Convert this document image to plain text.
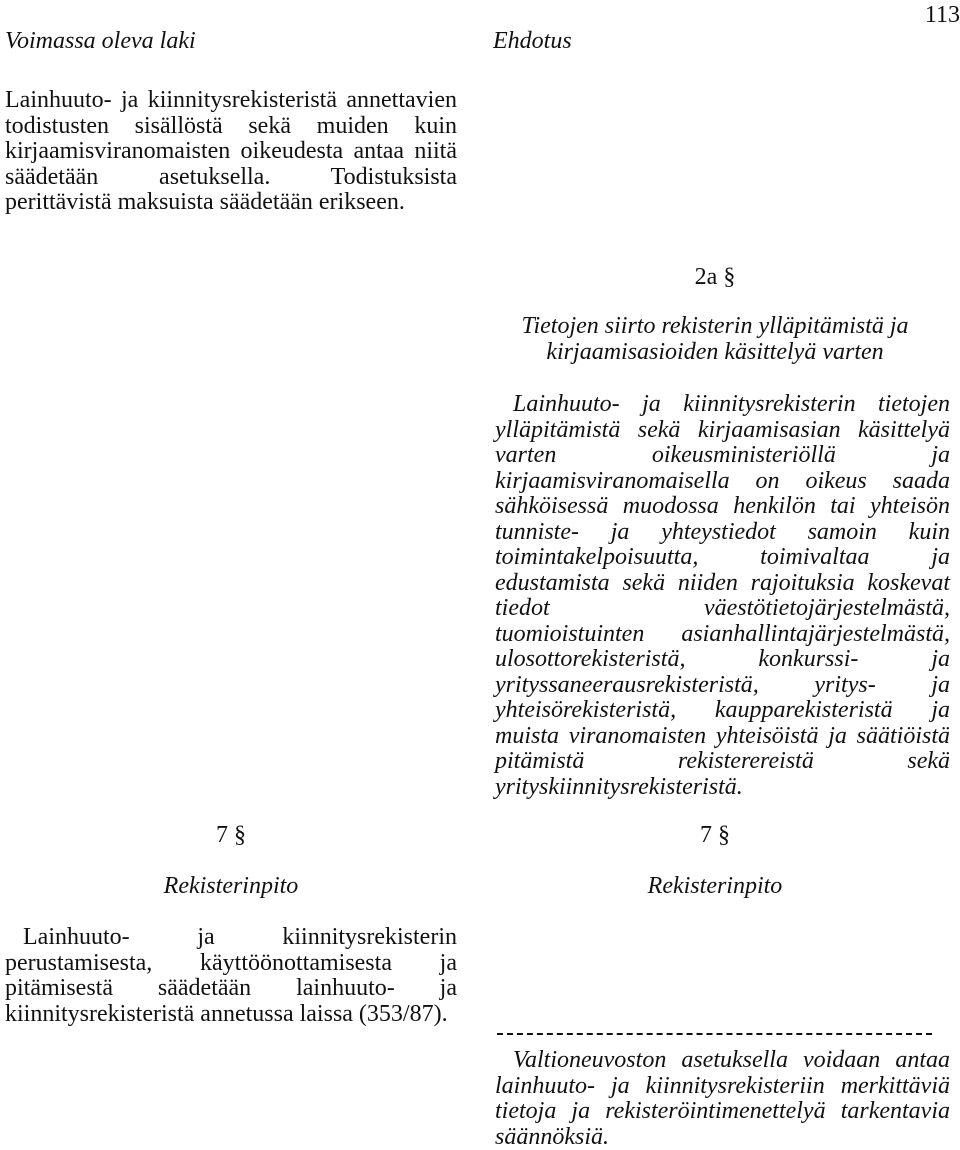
113
Voimassa oleva laki	Ehdotus

Lainhuuto- ja kiinnitysrekisteristä annettavien todistusten sisällöstä sekä muiden kuin kirjaamisviranomaisten oikeudesta antaa niitä säädetään asetuksella. Todistuksista perittävistä maksuista säädetään erikseen.

2a §
Tietojen siirto rekisterin ylläpitämistä ja kirjaamisasioiden käsittelyä varten

Lainhuuto- ja kiinnitysrekisterin tietojen ylläpitämistä sekä kirjaamisasian käsittelyä varten oikeusministeriöllä ja kirjaamisviranomaisella on oikeus saada sähköisessä muodossa henkilön tai yhteisön tunniste- ja yhteystiedot samoin kuin toimintakelpoisuutta, toimivaltaa ja edustamista sekä niiden rajoituksia koskevat tiedot väestötietojärjestelmästä, tuomioistuinten asianhallintajärjestelmästä, ulosottorekisteristä, konkurssi- ja yrityssaneerausrekisteristä, yritys- ja yhteisörekisteristä, kaupparekisteristä ja muista viranomaisten yhteisöistä ja säätiöistä pitämistä rekisterereistä sekä yrityskiinnitysrekisteristä.

7 §
Rekisterinpito

Lainhuuto- ja kiinnitysrekisterin perustamisesta, käyttöönottamisesta ja pitämisestä säädetään lainhuuto- ja kiinnitysrekisteristä annetussa laissa (353/87).

7 §
Rekisterinpito

Valtioneuvoston asetuksella voidaan antaa lainhuuto- ja kiinnitysrekisteriin merkittäviä tietoja ja rekisteröintimenettelyä tarkentavia säännöksiä.
